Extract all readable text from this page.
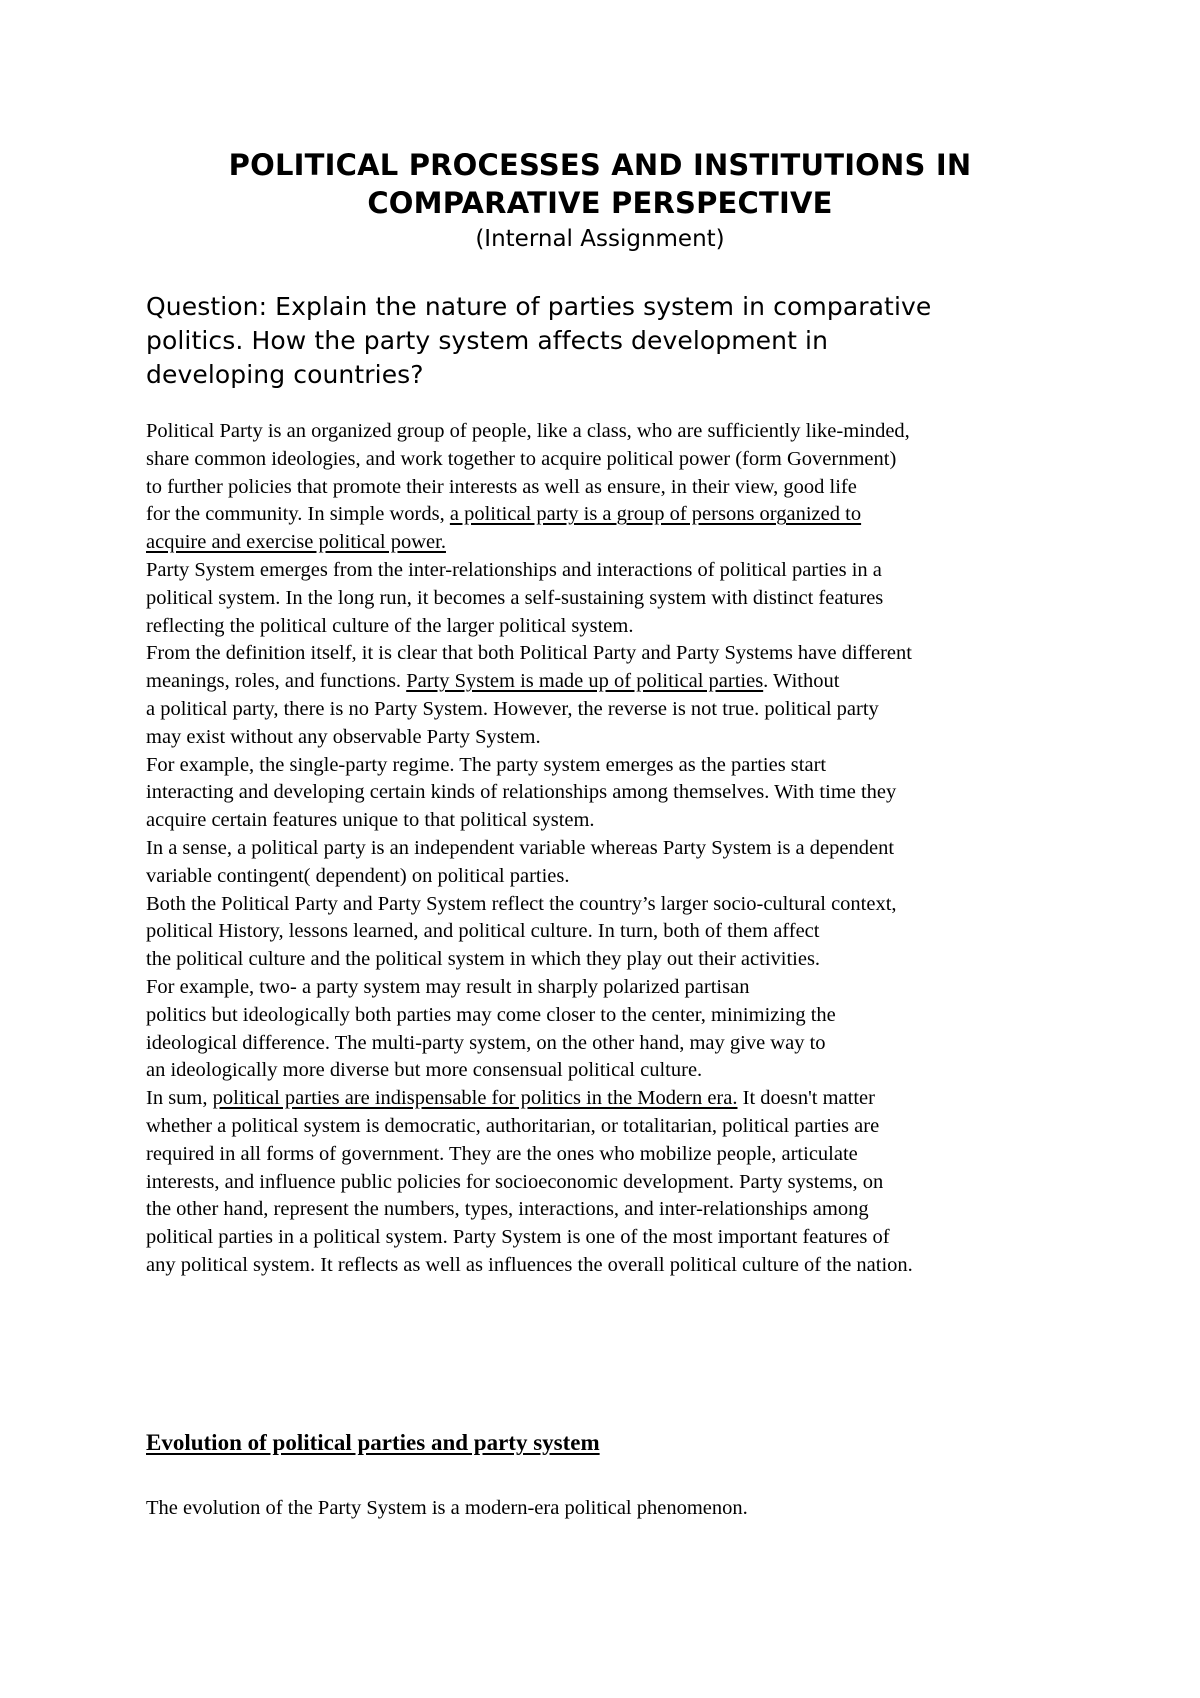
POLITICAL PROCESSES AND INSTITUTIONS IN
COMPARATIVE PERSPECTIVE
(Internal Assignment)
Question: Explain the nature of parties system in comparative
politics. How the party system affects development in
developing countries?
Political Party is an organized group of people, like a class, who are sufficiently like-minded,
share common ideologies, and work together to acquire political power (form Government)
to further policies that promote their interests as well as ensure, in their view, good life
for the community. In simple words, a political party is a group of persons organized to
acquire and exercise political power.
Party System emerges from the inter-relationships and interactions of political parties in a
political system. In the long run, it becomes a self-sustaining system with distinct features
reflecting the political culture of the larger political system.
From the definition itself, it is clear that both Political Party and Party Systems have different
meanings, roles, and functions. Party System is made up of political parties. Without
a political party, there is no Party System. However, the reverse is not true. political party
may exist without any observable Party System.
For example, the single-party regime. The party system emerges as the parties start
interacting and developing certain kinds of relationships among themselves. With time they
acquire certain features unique to that political system.
In a sense, a political party is an independent variable whereas Party System is a dependent
variable contingent( dependent) on political parties.
Both the Political Party and Party System reflect the country’s larger socio-cultural context,
political History, lessons learned, and political culture. In turn, both of them affect
the political culture and the political system in which they play out their activities.
For example, two- a party system may result in sharply polarized partisan
politics but ideologically both parties may come closer to the center, minimizing the
ideological difference. The multi-party system, on the other hand, may give way to
an ideologically more diverse but more consensual political culture.
In sum, political parties are indispensable for politics in the Modern era. It doesn't matter
whether a political system is democratic, authoritarian, or totalitarian, political parties are
required in all forms of government. They are the ones who mobilize people, articulate
interests, and influence public policies for socioeconomic development. Party systems, on
the other hand, represent the numbers, types, interactions, and inter-relationships among
political parties in a political system. Party System is one of the most important features of
any political system. It reflects as well as influences the overall political culture of the nation.
Evolution of political parties and party system
The evolution of the Party System is a modern-era political phenomenon.
